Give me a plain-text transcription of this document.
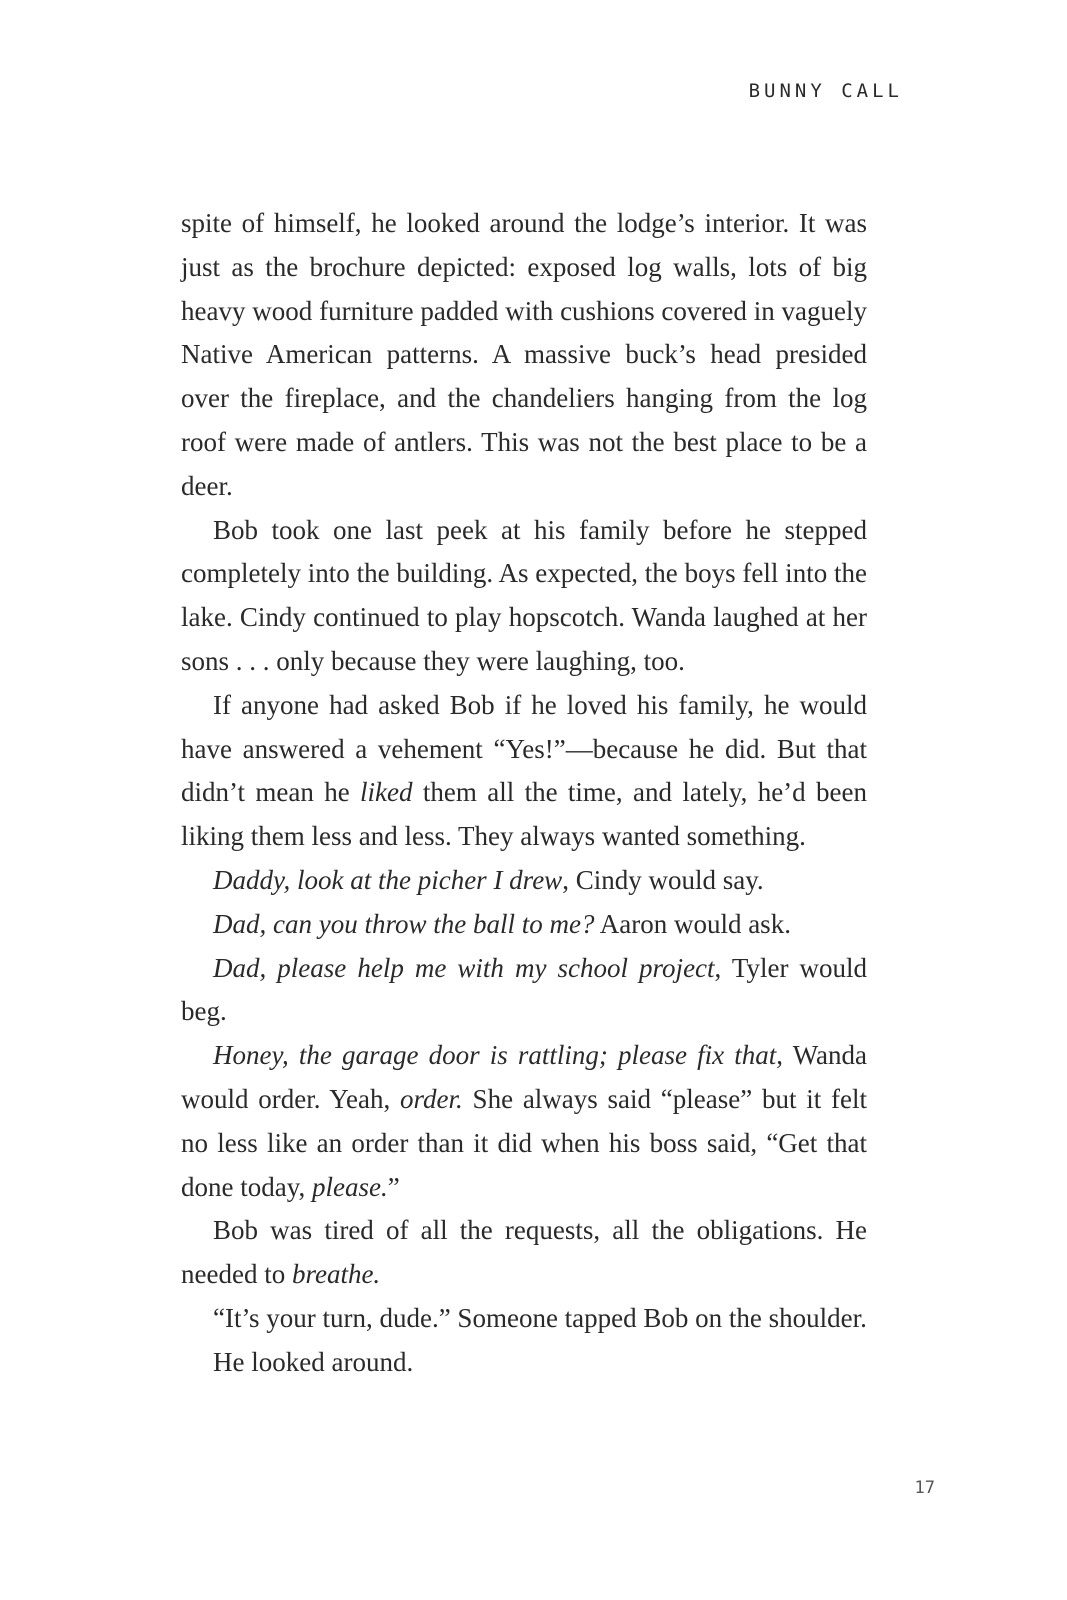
BUNNY CALL

spite of himself, he looked around the lodge’s interior. It was just as the brochure depicted: exposed log walls, lots of big heavy wood furniture padded with cushions covered in vaguely Native American patterns. A massive buck’s head presided over the fireplace, and the chandeliers hanging from the log roof were made of antlers. This was not the best place to be a deer.

Bob took one last peek at his family before he stepped completely into the building. As expected, the boys fell into the lake. Cindy continued to play hopscotch. Wanda laughed at her sons . . . only because they were laughing, too.

If anyone had asked Bob if he loved his family, he would have answered a vehement “Yes!”—because he did. But that didn’t mean he liked them all the time, and lately, he’d been liking them less and less. They always wanted something.

Daddy, look at the picher I drew, Cindy would say.

Dad, can you throw the ball to me? Aaron would ask.

Dad, please help me with my school project, Tyler would beg.

Honey, the garage door is rattling; please fix that, Wanda would order. Yeah, order. She always said “please” but it felt no less like an order than it did when his boss said, “Get that done today, please.”

Bob was tired of all the requests, all the obligations. He needed to breathe.

“It’s your turn, dude.” Someone tapped Bob on the shoulder.

He looked around.

17
